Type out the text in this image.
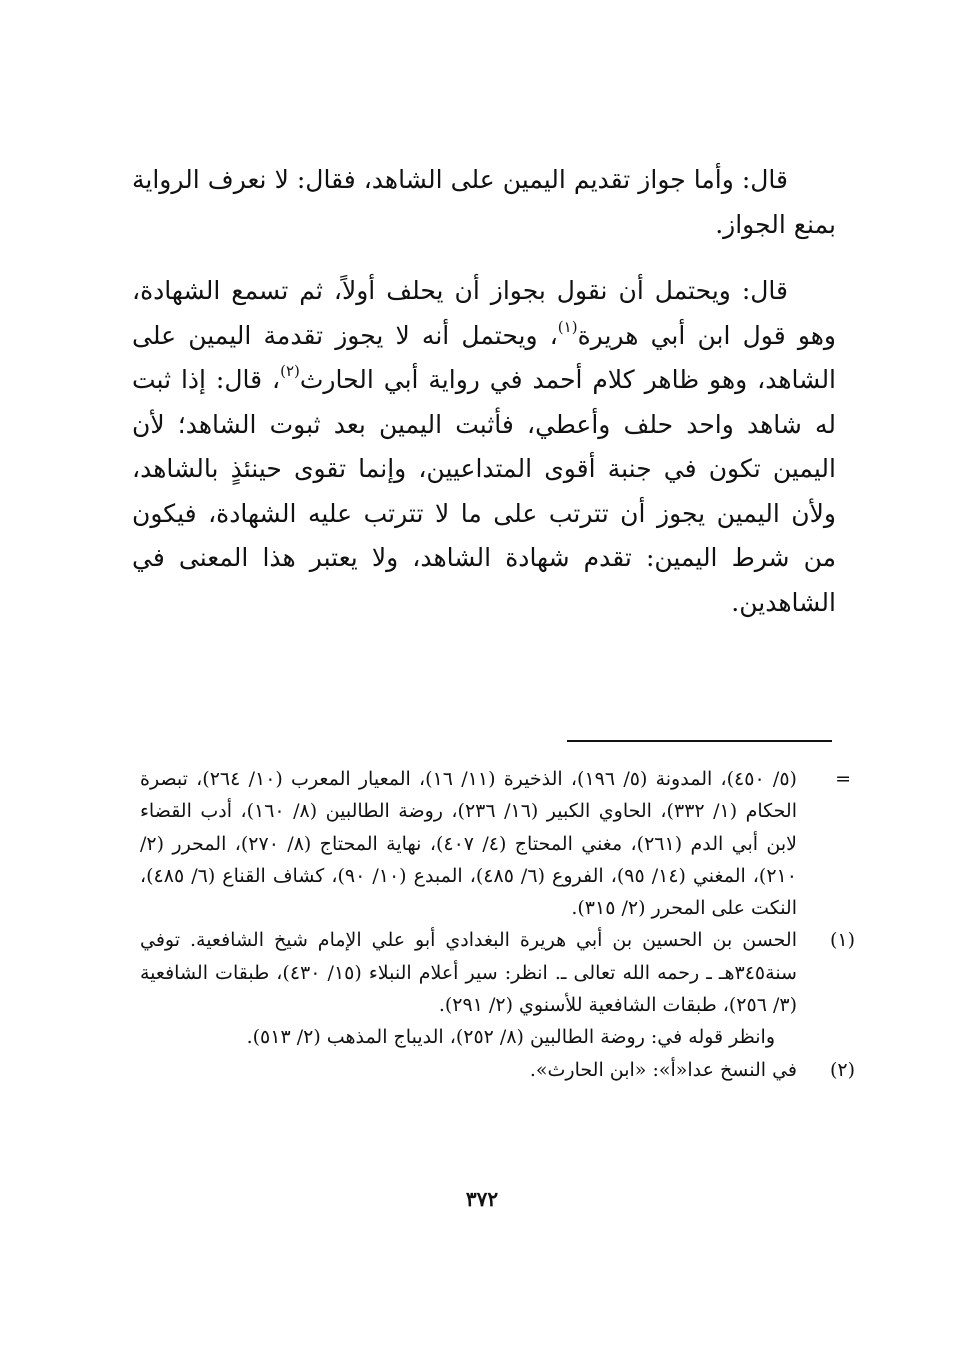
قال: وأما جواز تقديم اليمين على الشاهد، فقال: لا نعرف الرواية بمنع الجواز.

قال: ويحتمل أن نقول بجواز أن يحلف أولاً، ثم تسمع الشهادة، وهو قول ابن أبي هريرة$^{(١)}$، ويحتمل أنه لا يجوز تقدمة اليمين على الشاهد، وهو ظاهر كلام أحمد في رواية أبي الحارث$^{(٢)}$، قال: إذا ثبت له شاهد واحد حلف وأعطي، فأثبت اليمين بعد ثبوت الشاهد؛ لأن اليمين تكون في جنبة أقوى المتداعيين، وإنما تقوى حينئذٍ بالشاهد، ولأن اليمين يجوز أن تترتب على ما لا تترتب عليه الشهادة، فيكون من شرط اليمين: تقدم شهادة الشاهد، ولا يعتبر هذا المعنى في الشاهدين.

=

(٥/ ٤٥٠)، المدونة (٥/ ١٩٦)، الذخيرة (١١/ ١٦)، المعيار المعرب (١٠/ ٢٦٤)، تبصرة الحكام (١/ ٣٣٢)، الحاوي الكبير (١٦/ ٢٣٦)، روضة الطالبين (٨/ ١٦٠)، أدب القضاء لابن أبي الدم (٢٦١)، مغني المحتاج (٤/ ٤٠٧)، نهاية المحتاج (٨/ ٢٧٠)، المحرر (٢/ ٢١٠)، المغني (١٤/ ٩٥)، الفروع (٦/ ٤٨٥)، المبدع (١٠/ ٩٠)، كشاف القناع (٦/ ٤٨٥)، النكت على المحرر (٢/ ٣١٥).

(١)

الحسن بن الحسين بن أبي هريرة البغدادي أبو علي الإمام شيخ الشافعية. توفي سنة٣٤٥هـ ـ رحمه الله تعالى ـ. انظر: سير أعلام النبلاء (١٥/ ٤٣٠)، طبقات الشافعية (٣/ ٢٥٦)، طبقات الشافعية للأسنوي (٢/ ٢٩١).

وانظر قوله في: روضة الطالبين (٨/ ٢٥٢)، الديباج المذهب (٢/ ٥١٣).

(٢)

في النسخ عدا«أ»: «ابن الحارث».

٣٧٢
